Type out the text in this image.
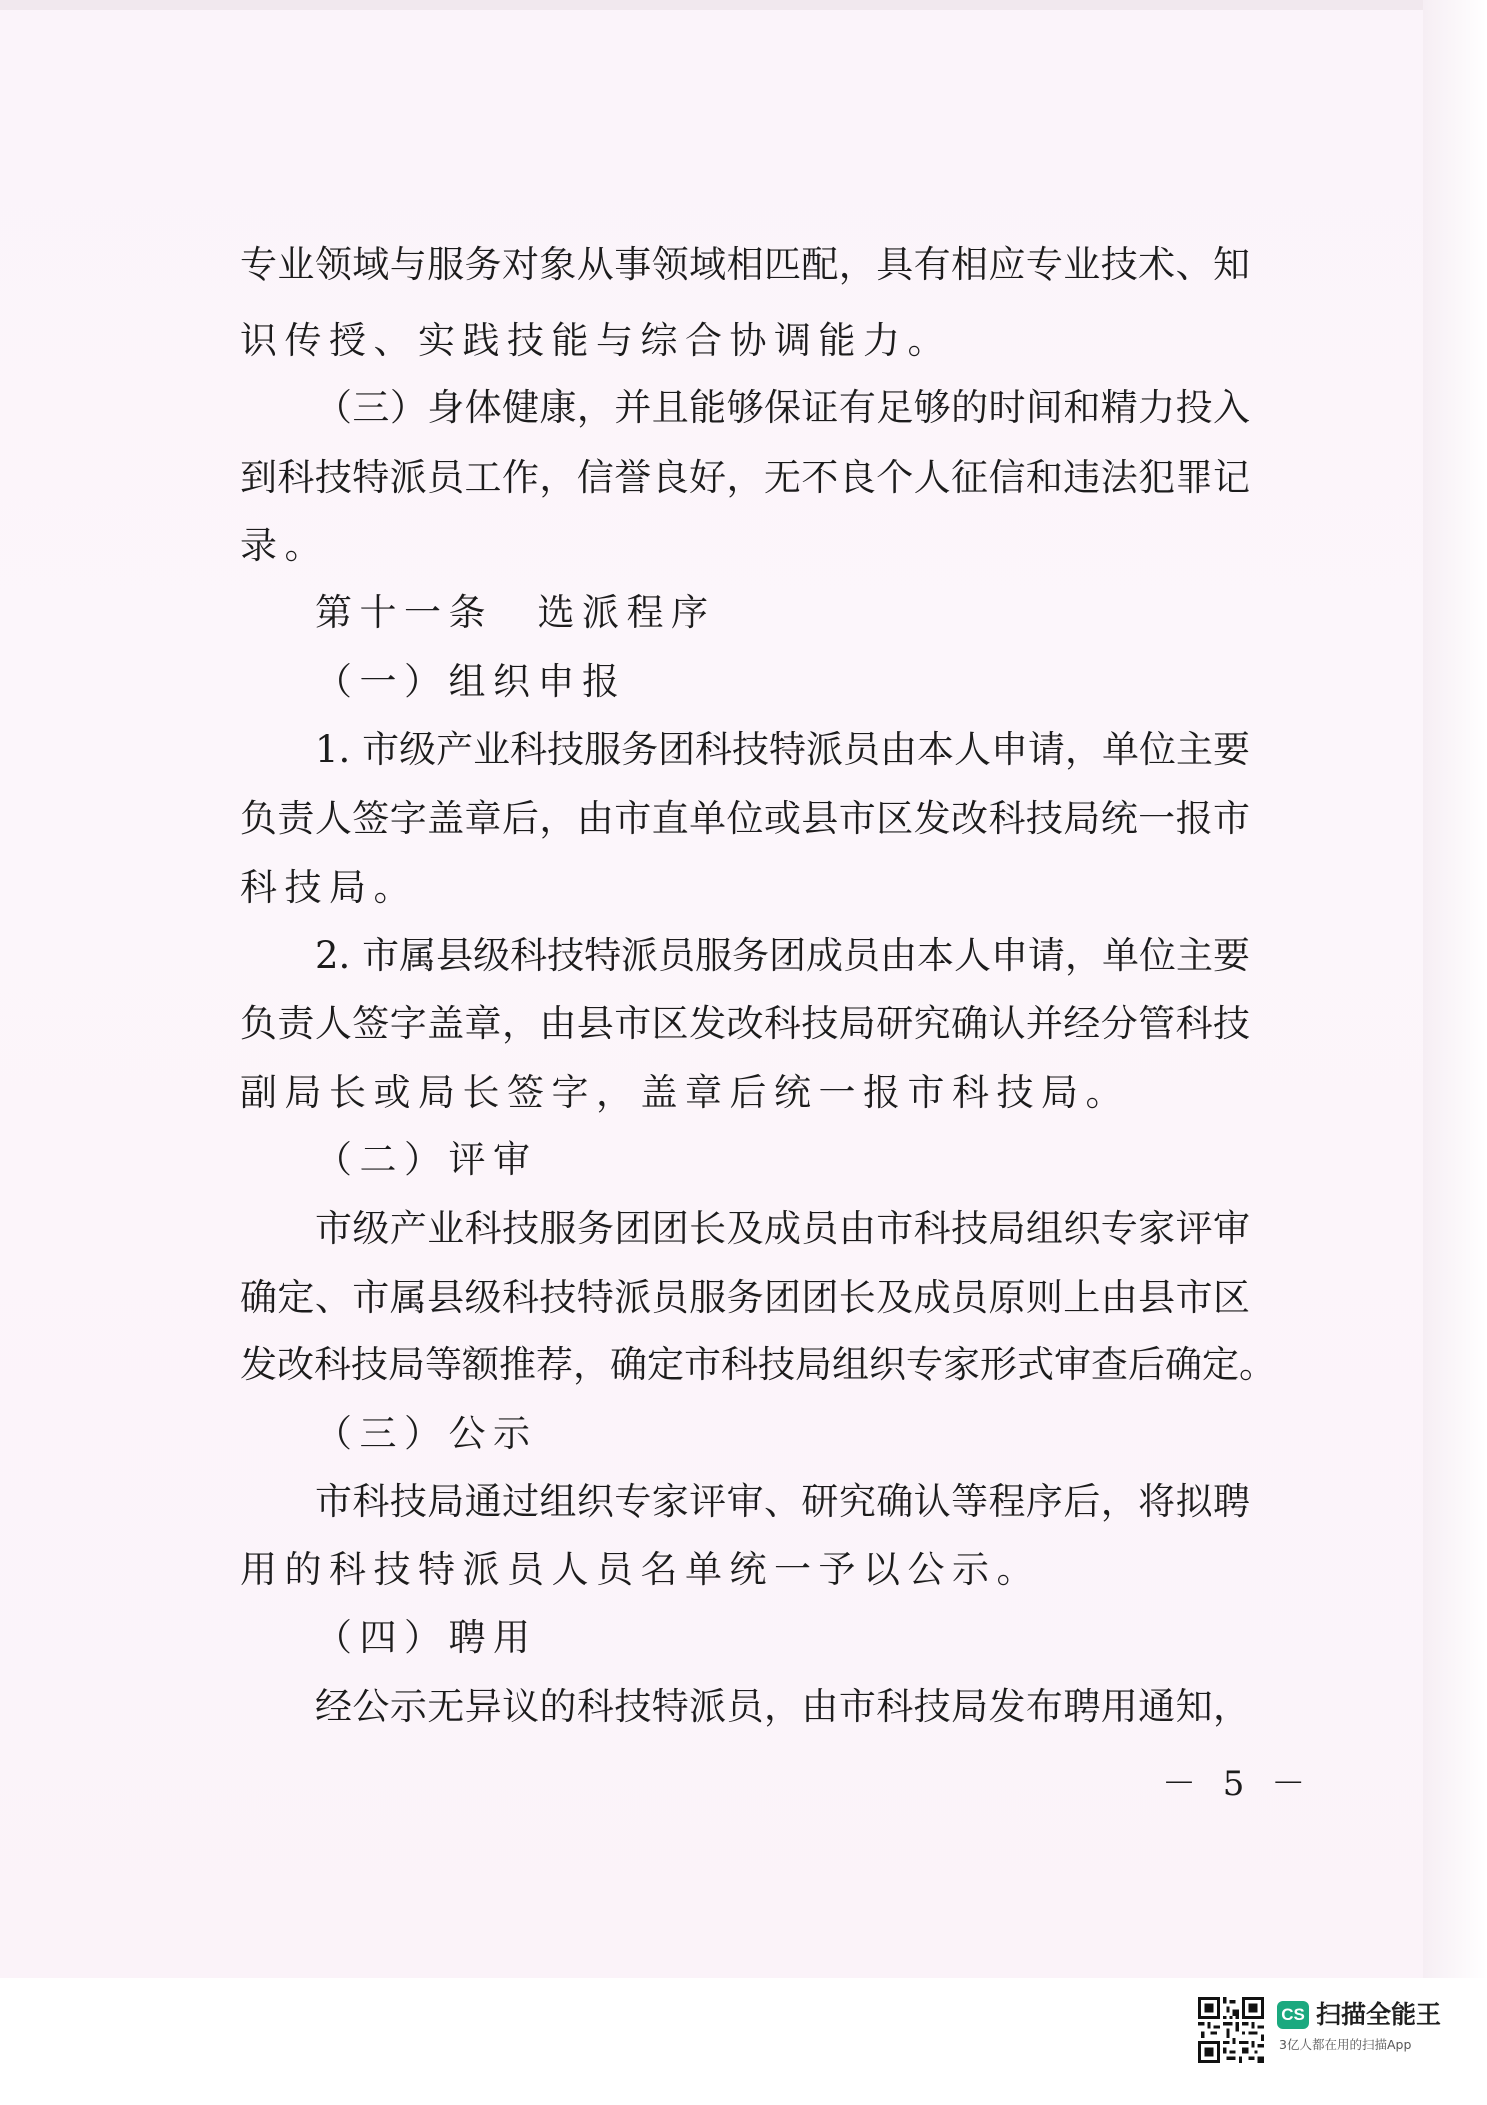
专业领域与服务对象从事领域相匹配，具有相应专业技术、知
识传授、实践技能与综合协调能力。
（三）身体健康，并且能够保证有足够的时间和精力投入
到科技特派员工作，信誉良好，无不良个人征信和违法犯罪记
录。
第十一条　选派程序
（一）组织申报
1. 市级产业科技服务团科技特派员由本人申请，单位主要
负责人签字盖章后，由市直单位或县市区发改科技局统一报市
科技局。
2. 市属县级科技特派员服务团成员由本人申请，单位主要
负责人签字盖章，由县市区发改科技局研究确认并经分管科技
副局长或局长签字，盖章后统一报市科技局。
（二）评审
市级产业科技服务团团长及成员由市科技局组织专家评审
确定、市属县级科技特派员服务团团长及成员原则上由县市区
发改科技局等额推荐，确定市科技局组织专家形式审查后确定。
（三）公示
市科技局通过组织专家评审、研究确认等程序后，将拟聘
用的科技特派员人员名单统一予以公示。
（四）聘用
经公示无异议的科技特派员，由市科技局发布聘用通知，
－ 5 －
CS 扫描全能王
3亿人都在用的扫描App
